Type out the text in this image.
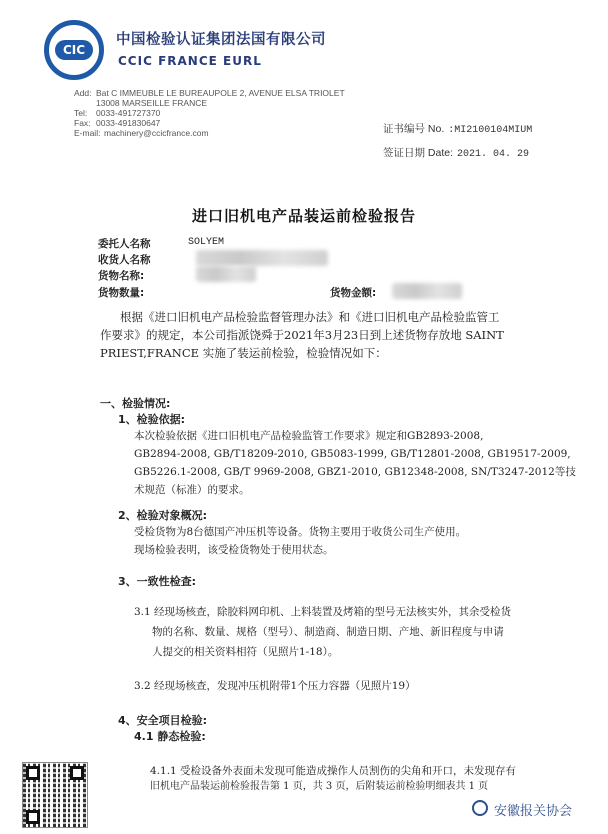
CIC
中国检验认证集团法国有限公司
CCIC FRANCE EURL
Add: Bat C IMMEUBLE LE BUREAUPOLE 2, AVENUE ELSA TRIOLET
13008 MARSEILLE FRANCE
Tel: 0033-491727370
Fax: 0033-491830647
E-mail: machinery@ccicfrance.com	证书编号 No. :MI2100104MIUM
签证日期 Date: 2021. 04. 29
进口旧机电产品装运前检验报告
委托人名称	SOLYEM
收货人名称
货物名称:
货物数量:	货物金额:
根据《进口旧机电产品检验监督管理办法》和《进口旧机电产品检验监管工
作要求》的规定，本公司指派饶舜于2021年3月23日到上述货物存放地 SAINT
PRIEST,FRANCE 实施了装运前检验，检验情况如下：
一、检验情况:
1、检验依据:
本次检验依据《进口旧机电产品检验监管工作要求》规定和GB2893-2008,
GB2894-2008, GB/T18209-2010, GB5083-1999, GB/T12801-2008, GB19517-2009,
GB5226.1-2008, GB/T 9969-2008, GBZ1-2010, GB12348-2008, SN/T3247-2012等技
术规范（标准）的要求。
2、检验对象概况:
受检货物为8台德国产冲压机等设备。货物主要用于收货公司生产使用。
现场检验表明，该受检货物处于使用状态。
3、一致性检查:
3.1 经现场核查，除胶料网印机、上料装置及烤箱的型号无法核实外，其余受检货
物的名称、数量、规格（型号）、制造商、制造日期、产地、新旧程度与申请
人提交的相关资料相符（见照片1-18）。
3.2 经现场核查，发现冲压机附带1个压力容器（见照片19）
4、安全项目检验:
4.1 静态检验:
4.1.1 受检设备外表面未发现可能造成操作人员割伤的尖角和开口，未发现存有
旧机电产品装运前检验报告第 1 页，共 3 页，后附装运前检验明细表共 1 页
安徽报关协会
